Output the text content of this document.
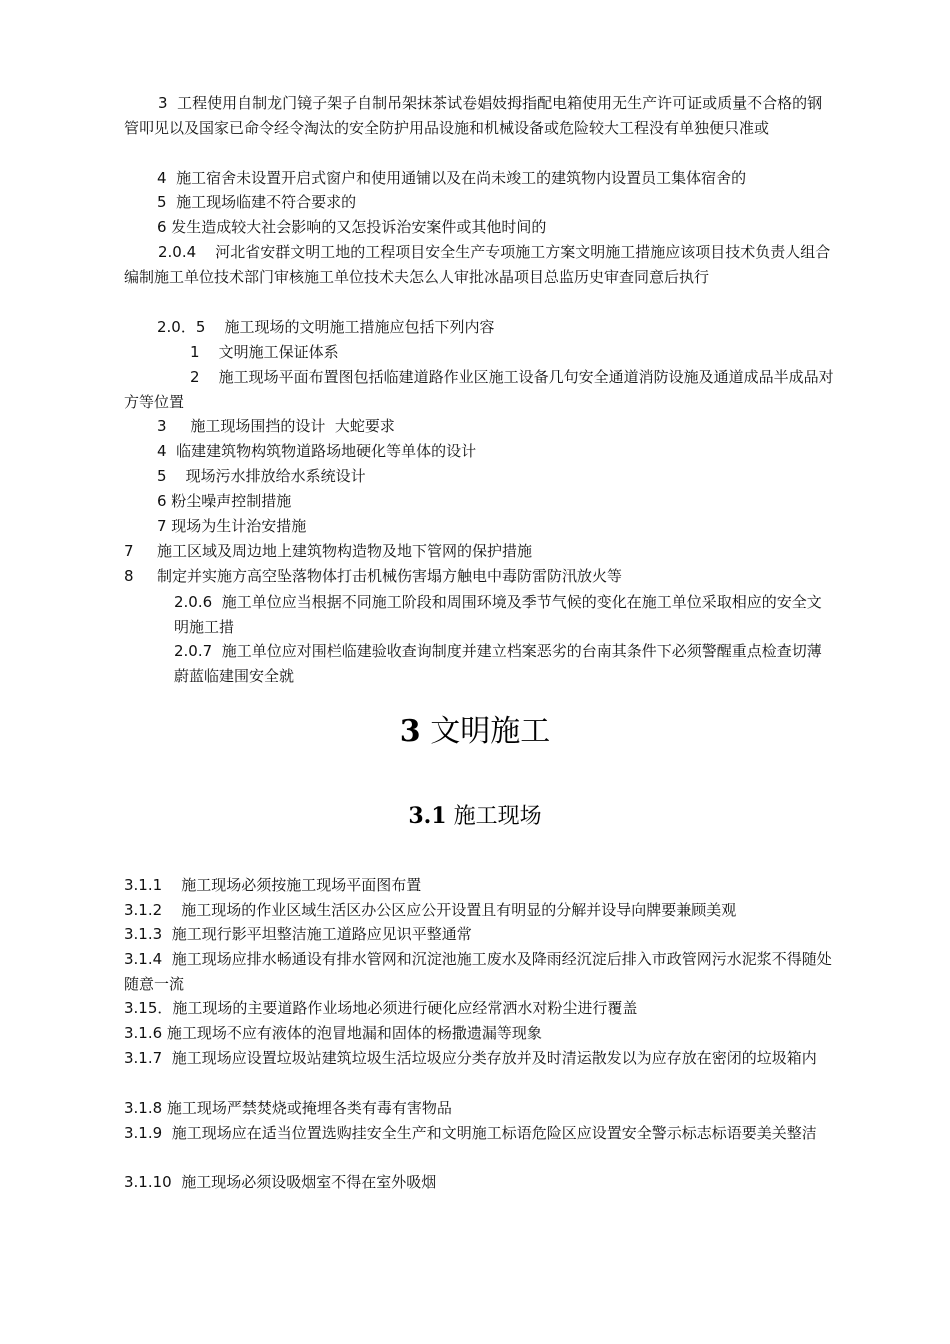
3  工程使用自制龙门镜子架子自制吊架抹茶试卷娼妓拇指配电箱使用无生产许可证或质量不合格的钢管叩见以及国家已命令经令淘汰的安全防护用品设施和机械设备或危险较大工程没有单独便只准或

4  施工宿舍未设置开启式窗户和使用通铺以及在尚未竣工的建筑物内设置员工集体宿舍的

5  施工现场临建不符合要求的

6 发生造成较大社会影响的又怎投诉治安案件或其他时间的

2.0.4    河北省安群文明工地的工程项目安全生产专项施工方案文明施工措施应该项目技术负责人组合编制施工单位技术部门审核施工单位技术夫怎么人审批冰晶项目总监历史审查同意后执行

2.0．5    施工现场的文明施工措施应包括下列内容

1    文明施工保证体系

2    施工现场平面布置图包括临建道路作业区施工设备几句安全通道消防设施及通道成品半成品对方等位置

3     施工现场围挡的设计  大蛇要求

4  临建建筑物构筑物道路场地硬化等单体的设计

5    现场污水排放给水系统设计

6 粉尘噪声控制措施

7 现场为生计治安措施

7 施工区域及周边地上建筑物构造物及地下管网的保护措施

8 制定并实施方高空坠落物体打击机械伤害塌方触电中毒防雷防汛放火等

2.0.6  施工单位应当根据不同施工阶段和周围环境及季节气候的变化在施工单位采取相应的安全文明施工措

2.0.7  施工单位应对围栏临建验收查询制度并建立档案恶劣的台南其条件下必须警醒重点检查切薄蔚蓝临建围安全就

3 文明施工
3.1 施工现场

3.1.1    施工现场必须按施工现场平面图布置

3.1.2    施工现场的作业区域生活区办公区应公开设置且有明显的分解并设导向牌要兼顾美观

3.1.3  施工现行影平坦整洁施工道路应见识平整通常

3.1.4  施工现场应排水畅通设有排水管网和沉淀池施工废水及降雨经沉淀后排入市政管网污水泥浆不得随处随意一流

3.15．施工现场的主要道路作业场地必须进行硬化应经常洒水对粉尘进行覆盖

3.1.6 施工现场不应有液体的泡冒地漏和固体的杨撒遗漏等现象

3.1.7  施工现场应设置垃圾站建筑垃圾生活垃圾应分类存放并及时清运散发以为应存放在密闭的垃圾箱内

3.1.8 施工现场严禁焚烧或掩埋各类有毒有害物品

3.1.9  施工现场应在适当位置选购挂安全生产和文明施工标语危险区应设置安全警示标志标语要美关整洁

3.1.10  施工现场必须设吸烟室不得在室外吸烟
